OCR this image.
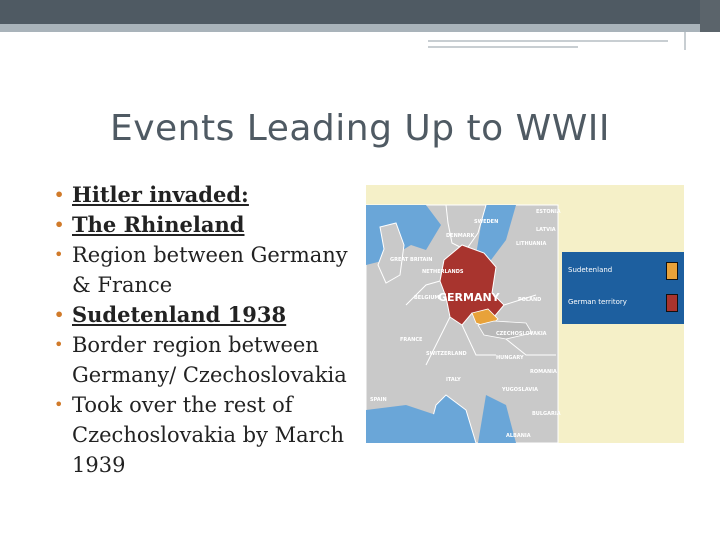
Events Leading Up to WWII
• Hitler invaded:
• The Rhineland
• Region between Germany & France
• Sudetenland 1938
• Border region between Germany/ Czechoslovakia
• Took over the rest of Czechoslovakia by March 1939
ESTONIA
SWEDEN
LATVIA
DENMARK
LITHUANIA
GREAT BRITAIN
NETHERLANDS
BELGIUM
GERMANY	POLAND
FRANCE
SWITZERLAND
CZECHOSLOVAKIA
HUNGARY
ROMANIA
ITALY
YUGOSLAVIA
SPAIN
BULGARIA
ALBANIA
Sudetenland
German territory
